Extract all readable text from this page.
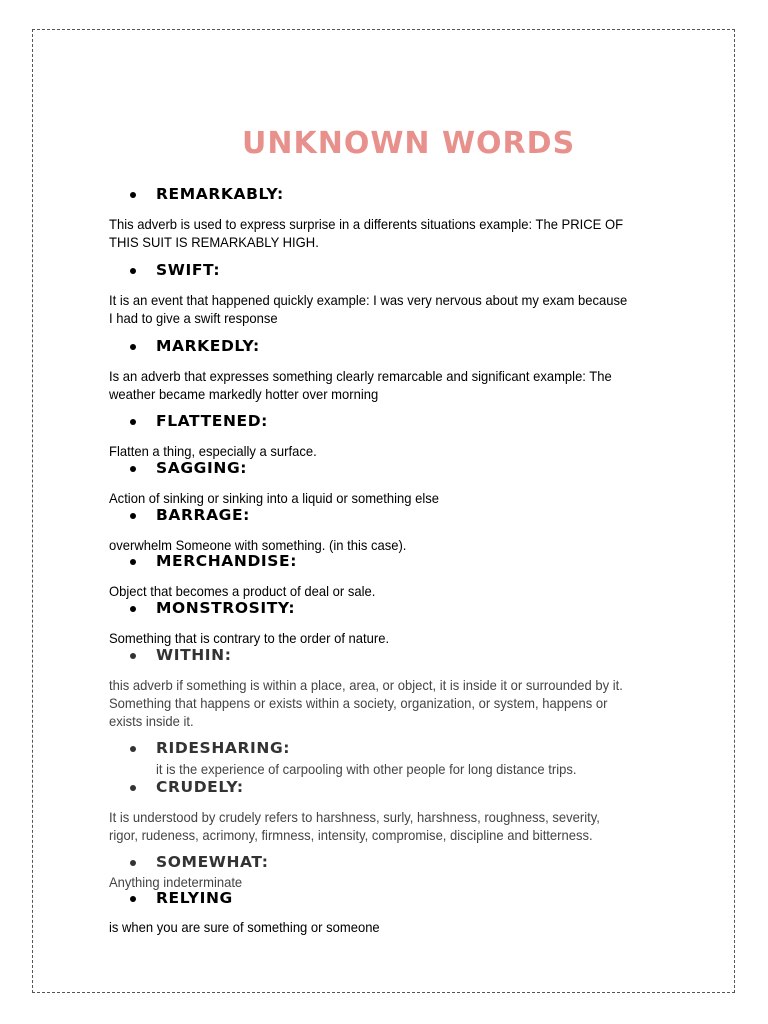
UNKNOWN WORDS
REMARKABLY:
This adverb is used to express surprise in a differents situations example: The PRICE OF THIS SUIT IS REMARKABLY HIGH.
SWIFT:
It is an event that happened quickly example: I was very nervous about my exam because I had to give a swift response
MARKEDLY:
Is an adverb that expresses something clearly remarcable and significant example: The weather became markedly hotter over morning
FLATTENED:
Flatten a thing, especially a surface.
SAGGING:
Action of sinking or sinking into a liquid or something else
BARRAGE:
overwhelm Someone with something. (in this case).
MERCHANDISE:
Object that becomes a product of deal or sale.
MONSTROSITY:
Something that is contrary to the order of nature.
WITHIN:
this adverb if something is within a place, area, or object, it is inside it or surrounded by it. Something that happens or exists within a society, organization, or system, happens or exists inside it.
RIDESHARING:
it is the experience of carpooling with other people for long distance trips.
CRUDELY:
It is understood by crudely refers to harshness, surly, harshness, roughness, severity, rigor, rudeness, acrimony, firmness, intensity, compromise, discipline and bitterness.
SOMEWHAT:
Anything indeterminate
RELYING
is when you are sure of something or someone
